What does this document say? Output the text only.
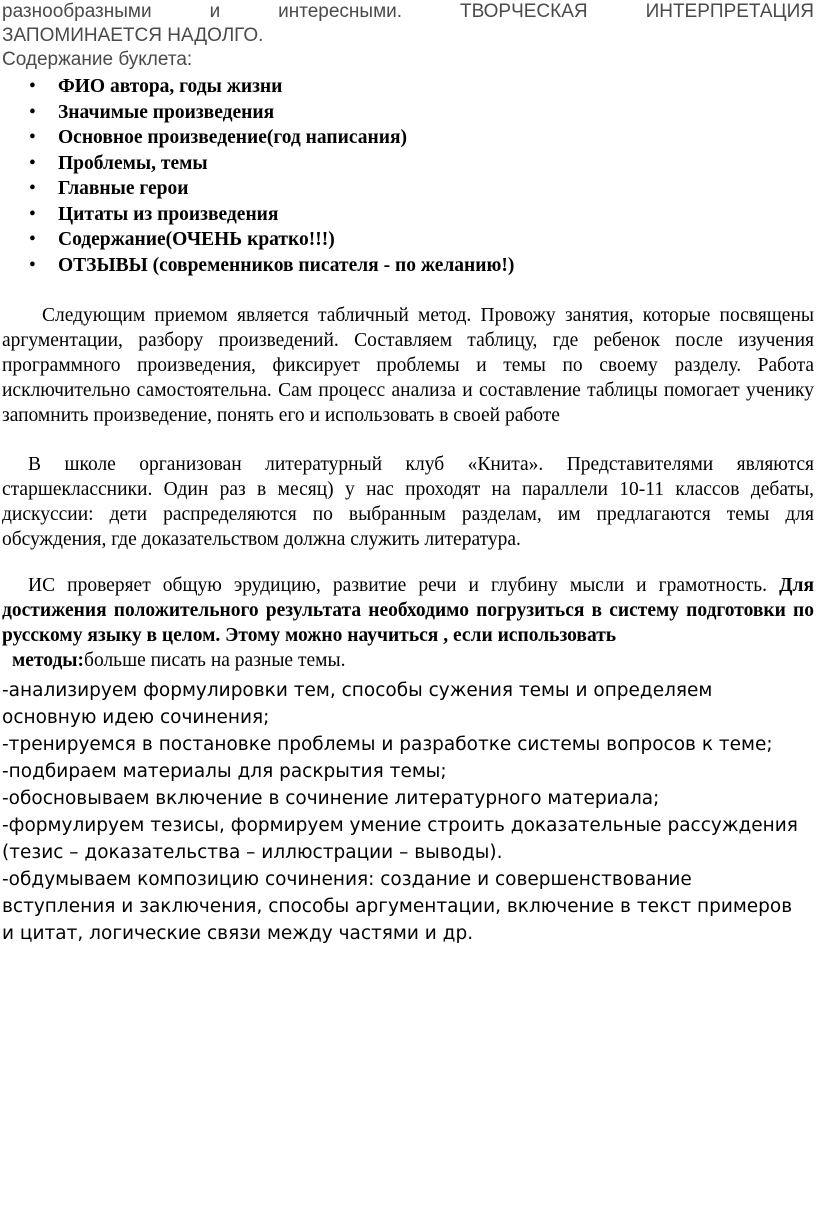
разнообразными	и	интересными.	ТВОРЧЕСКАЯ	ИНТЕРПРЕТАЦИЯ
ЗАПОМИНАЕТСЯ НАДОЛГО.
Содержание буклета:
•	ФИО автора, годы жизни
•	Значимые произведения
•	Основное произведение(год написания)
•	Проблемы, темы
•	Главные герои
•	Цитаты из произведения
•	Содержание(ОЧЕНЬ кратко!!!)
•	ОТЗЫВЫ (современников писателя - по желанию!)

Следующим приемом является табличный метод. Провожу занятия, которые посвящены аргументации, разбору произведений. Составляем таблицу, где ребенок после изучения программного произведения, фиксирует проблемы и темы по своему разделу. Работа исключительно самостоятельна. Сам процесс анализа и составление таблицы помогает ученику запомнить произведение, понять его и использовать в своей работе

В школе организован литературный клуб «Книта». Представителями являются старшеклассники. Один раз в месяц) у нас проходят на параллели 10-11 классов дебаты, дискуссии: дети распределяются по выбранным разделам, им предлагаются темы для обсуждения, где доказательством должна служить литература.

ИС проверяет общую эрудицию, развитие речи и глубину мысли и грамотность. Для достижения положительного результата необходимо погрузиться в систему подготовки по русскому языку в целом. Этому можно научиться , если использовать

методы:больше писать на разные темы.

-анализируем формулировки тем, способы сужения темы и определяем основную идею сочинения;

-тренируемся в постановке проблемы и разработке системы вопросов к теме;

-подбираем материалы для раскрытия темы;

-обосновываем включение в сочинение литературного материала;

-формулируем тезисы, формируем умение строить доказательные рассуждения (тезис – доказательства – иллюстрации – выводы).

-обдумываем композицию сочинения: создание и совершенствование вступления и заключения, способы аргументации, включение в текст примеров и цитат, логические связи между частями и др.
